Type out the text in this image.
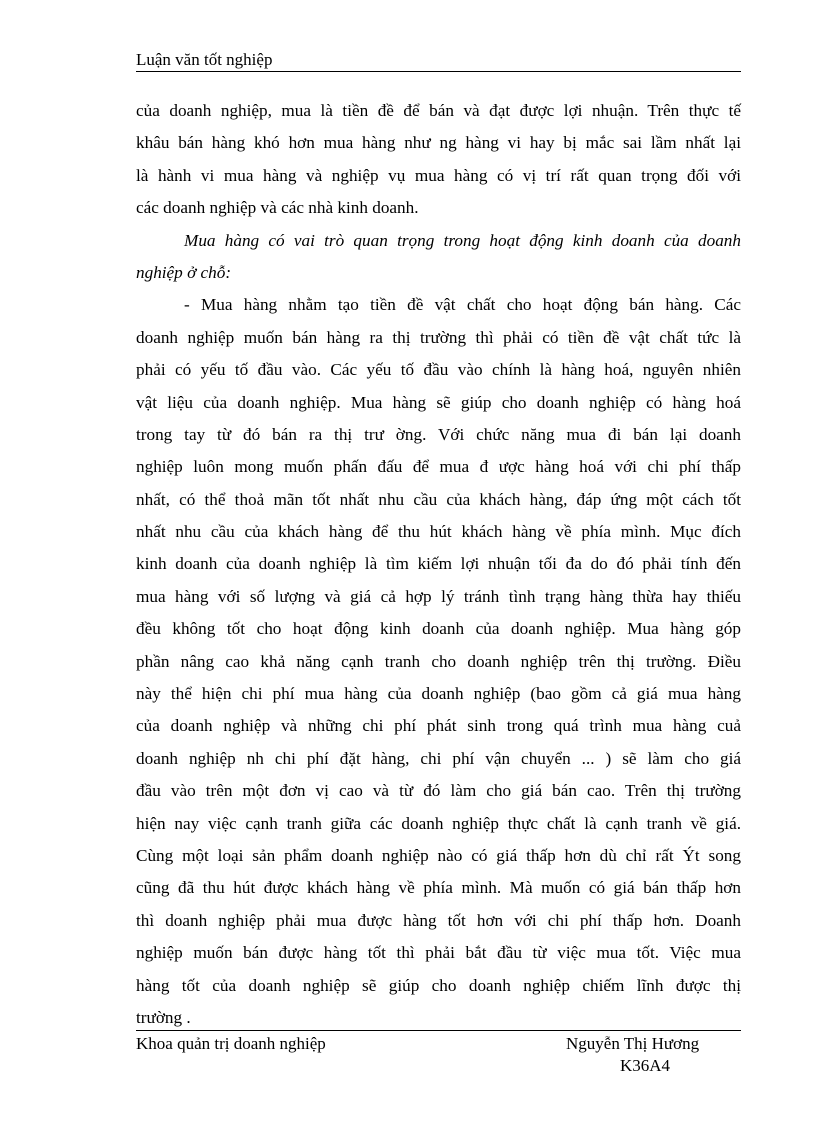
Luận văn tốt nghiệp
của doanh nghiệp, mua là tiền đề để bán và đạt được lợi nhuận. Trên thực tế
khâu bán hàng khó hơn mua hàng như ng hàng vi hay bị mắc sai lầm nhất lại
là hành vi mua hàng và nghiệp vụ mua hàng có vị trí rất quan trọng đối với
các doanh nghiệp và các nhà kinh doanh.
Mua hàng có vai trò quan trọng trong hoạt động kinh doanh của doanh
nghiệp ở chỗ:
- Mua hàng nhằm tạo tiền đề vật chất cho hoạt động bán hàng. Các
doanh nghiệp muốn bán hàng ra thị trường thì phải có tiền đề vật chất tức là
phải có yếu tố đầu vào. Các yếu tố đầu vào chính là hàng hoá, nguyên nhiên
vật liệu của doanh nghiệp. Mua hàng sẽ giúp cho doanh nghiệp có hàng hoá
trong tay từ đó bán ra thị trư ờng. Với chức năng mua đi bán lại doanh
nghiệp luôn mong muốn phấn đấu để mua đ ược hàng hoá với chi phí thấp
nhất, có thể thoả mãn tốt nhất nhu cầu của khách hàng, đáp ứng một cách tốt
nhất nhu cầu của khách hàng để thu hút khách hàng về phía mình. Mục đích
kinh doanh của doanh nghiệp là tìm kiếm lợi nhuận tối đa do đó phải tính đến
mua hàng với số lượng và giá cả hợp lý tránh tình trạng hàng thừa hay thiếu
đều không tốt cho hoạt động kinh doanh của doanh nghiệp. Mua hàng góp
phần nâng cao khả năng cạnh tranh cho doanh nghiệp trên thị trường. Điều
này thể hiện chi phí mua hàng của doanh nghiệp (bao gồm cả giá mua hàng
của doanh nghiệp và những chi phí phát sinh trong quá trình mua hàng cuả
doanh nghiệp nh chi phí đặt hàng, chi phí vận chuyển ... ) sẽ làm cho giá
đầu vào trên một đơn vị cao và từ đó làm cho giá bán cao. Trên thị trường
hiện nay việc cạnh tranh giữa các doanh nghiệp thực chất là cạnh tranh về giá.
Cùng một loại sản phẩm doanh nghiệp nào có giá thấp hơn dù chỉ rất Ýt song
cũng đã thu hút được khách hàng về phía mình. Mà muốn có giá bán thấp hơn
thì doanh nghiệp phải mua được hàng tốt hơn với chi phí thấp hơn. Doanh
nghiệp muốn bán được hàng tốt thì phải bắt đầu từ việc mua tốt. Việc mua
hàng tốt của doanh nghiệp sẽ giúp cho doanh nghiệp chiếm lĩnh được thị
trường .
Khoa quản trị doanh nghiệp	Nguyễn Thị Hương
K36A4
